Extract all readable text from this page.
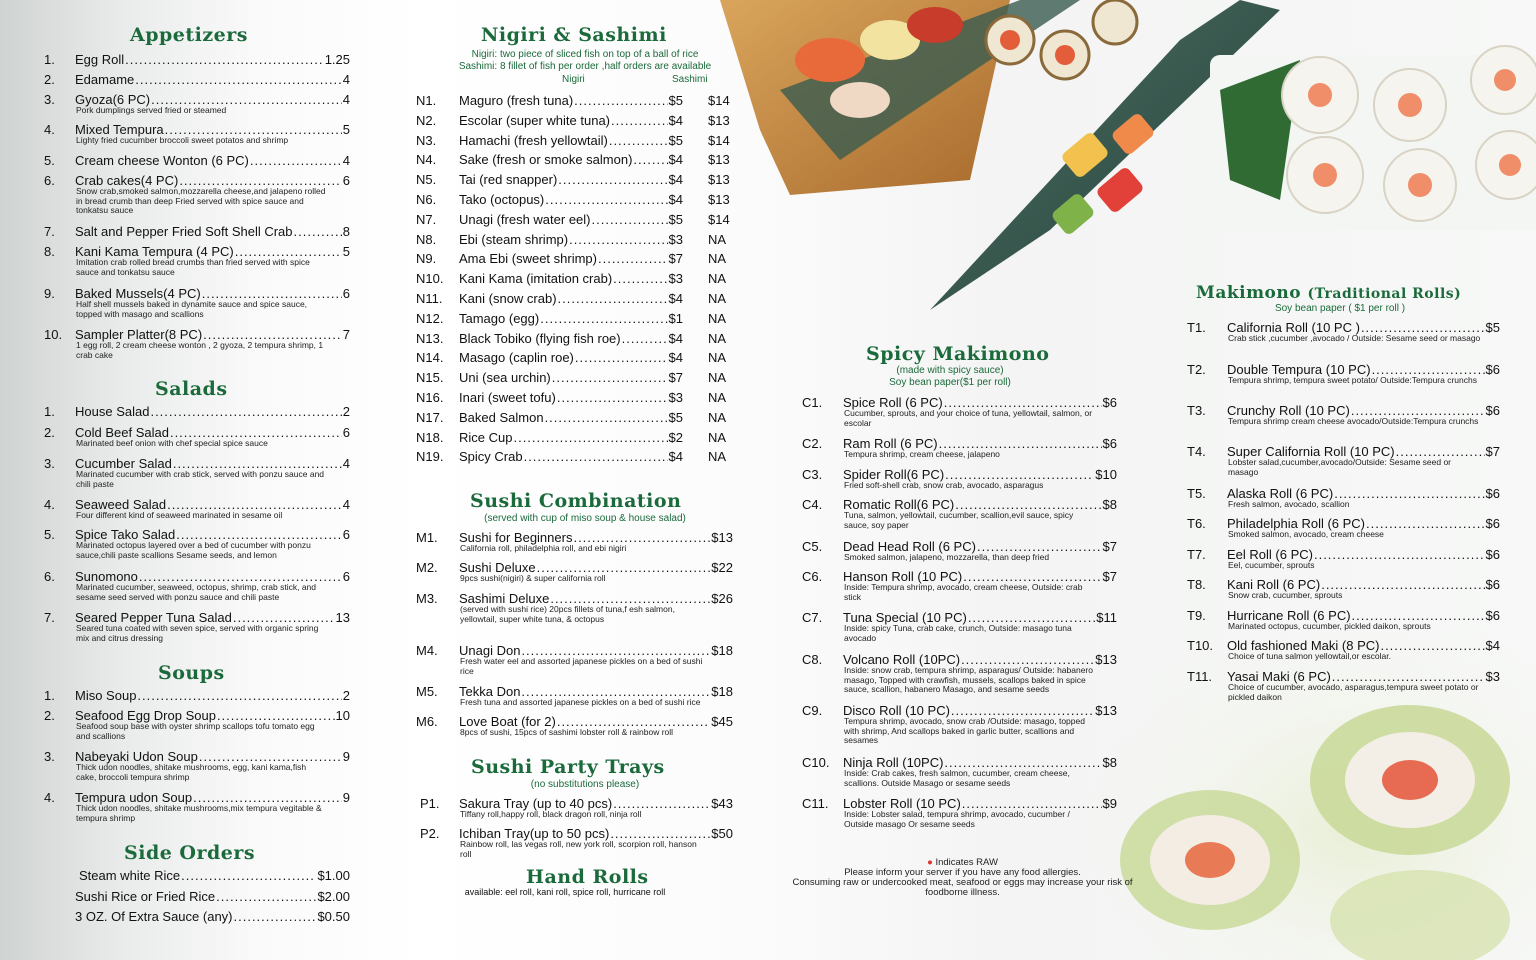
Appetizers
1. Egg Roll .....	1.25
2. Edamame .....	4
3. Gyoza(6 PC) .....	4
Pork dumplings served fried or steamed
4. Mixed Tempura .....	5
Lighty fried cucumber broccoli sweet potatos and shrimp
5. Cream cheese Wonton (6 PC) .....	4
6. Crab cakes(4 PC) .....	6
Snow crab,smoked salmon,mozzarella cheese,and jalapeno rolled in bread crumb than deep Fried served with spice sauce and tonkatsu sauce
7. Salt and Pepper Fried Soft Shell Crab .....	8
8. Kani Kama Tempura (4 PC) .....	5
Imitation crab rolled bread crumbs than fried served with spice sauce and tonkatsu sauce
9. Baked Mussels(4 PC) .....	6
Half shell mussels baked in dynamite sauce and spice sauce, topped with masago and scallions
10. Sampler Platter(8 PC) .....	7
1 egg roll, 2 cream cheese wonton , 2 gyoza, 2 tempura shrimp, 1 crab cake
Salads
1. House Salad .....	2
2. Cold Beef Salad .....	6
Marinated beef onion with chef special spice sauce
3. Cucumber Salad .....	4
Marinated cucumber with crab stick, served with ponzu sauce and chili paste
4. Seaweed Salad .....	4
Four different kind of seaweed marinated in sesame oil
5. Spice Tako Salad .....	6
Marinated octopus layered over a bed of cucumber with ponzu sauce,chili paste scallions Sesame seeds, and lemon
6. Sunomono .....	6
Marinated cucumber, seaweed, octopus, shrimp, crab stick, and sesame seed served with ponzu sauce and chili paste
7. Seared Pepper Tuna Salad .....	13
Seared tuna coated with seven spice, served with organic spring mix and citrus dressing
Soups
1. Miso Soup .....	2
2. Seafood Egg Drop Soup .....	10
Seafood soup base with oyster shrimp scallops tofu tomato egg and scallions
3. Nabeyaki Udon Soup .....	9
Thick udon noodles, shitake mushrooms, egg, kani kama,fish cake, broccoli tempura shrimp
4. Tempura udon Soup .....	9
Thick udon noodles, shitake mushrooms,mix tempura vegitable & tempura shrimp
Side Orders
Steam white Rice .....	$1.00
Sushi Rice or Fried Rice .....	$2.00
3 OZ. Of Extra Sauce (any) .....	$0.50
Nigiri & Sashimi
Nigiri: two piece of sliced fish on top of a ball of rice
Sashimi: 8 fillet of fish per order ,half orders are available
Nigiri	Sashimi
N1. Maguro (fresh tuna) .....	$5 $14
N2. Escolar (super white tuna) .....	$4 $13
N3. Hamachi (fresh yellowtail) .....	$5 $14
N4. Sake (fresh or smoke salmon) .....	$4 $13
N5. Tai (red snapper) .....	$4 $13
N6. Tako (octopus) .....	$4 $13
N7. Unagi (fresh water eel) .....	$5 $14
N8. Ebi (steam shrimp) .....	$3 NA
N9. Ama Ebi (sweet shrimp) .....	$7 NA
N10. Kani Kama (imitation crab) .....	$3 NA
N11. Kani (snow crab) .....	$4 NA
N12. Tamago (egg) .....	$1 NA
N13. Black Tobiko (flying fish roe) .....	$4 NA
N14. Masago (caplin roe) .....	$4 NA
N15. Uni (sea urchin) .....	$7 NA
N16. Inari (sweet tofu) .....	$3 NA
N17. Baked Salmon .....	$5 NA
N18. Rice Cup .....	$2 NA
N19. Spicy Crab .....	$4 NA
Sushi Combination
(served with cup of miso soup & house salad)
M1. Sushi for Beginners .....	$13
California roll, philadelphia roll, and ebi nigiri
M2. Sushi Deluxe .....	$22
9pcs sushi(nigiri) & super california roll
M3. Sashimi Deluxe .....	$26
(served with sushi rice) 20pcs fillets of tuna,f esh salmon, yellowtail, super white tuna, & octopus
M4. Unagi Don .....	$18
Fresh water eel and assorted japanese pickles on a bed of sushi rice
M5. Tekka Don .....	$18
Fresh tuna and assorted japanese pickles on a bed of sushi rice
M6. Love Boat (for 2) .....	$45
8pcs of sushi, 15pcs of sashimi lobster roll & rainbow roll
Sushi Party Trays
(no substitutions please)
P1. Sakura Tray (up to 40 pcs) .....	$43
Tiffany roll,happy roll, black dragon roll, ninja roll
P2. Ichiban Tray(up to 50 pcs) .....	$50
Rainbow roll, las vegas roll, new york roll, scorpion roll, hanson roll
Hand Rolls
available: eel roll, kani roll, spice roll, hurricane roll
Spicy Makimono
(made with spicy sauce)
Soy bean paper($1 per roll)
C1. Spice Roll (6 PC) .....	$6
Cucumber, sprouts, and your choice of tuna, yellowtail, salmon, or escolar
C2. Ram Roll (6 PC) .....	$6
Tempura shrimp, cream cheese, jalapeno
C3. Spider Roll(6 PC) .....	$10
Fried soft-shell crab, snow crab, avocado, asparagus
C4. Romatic Roll(6 PC) .....	$8
Tuna, salmon, yellowtail, cucumber, scallion,evil sauce, spicy sauce, soy paper
C5. Dead Head Roll (6 PC) .....	$7
Smoked salmon, jalapeno, mozzarella, than deep fried
C6. Hanson Roll (10 PC) .....	$7
Inside: Tempura shrimp, avocado, cream cheese, Outside: crab stick
C7. Tuna Special (10 PC) .....	$11
Inside: spicy Tuna, crab cake, crunch, Outside: masago tuna avocado
C8. Volcano Roll (10PC) .....	$13
Inside: snow crab, tempura shrimp, asparagus/ Outside: habanero masago, Topped with crawfish, mussels, scallops baked in spice sauce, scallion, habanero Masago, and sesame seeds
C9. Disco Roll (10 PC) .....	$13
Tempura shrimp, avocado, snow crab /Outside: masago, topped with shrimp, And scallops baked in garlic butter, scallions and sesames
C10. Ninja Roll (10PC) .....	$8
Inside: Crab cakes, fresh salmon, cucumber, cream cheese, scallions. Outside Masago or sesame seeds
C11. Lobster Roll (10 PC) .....	$9
Inside: Lobster salad, tempura shrimp, avocado, cucumber / Outside masago Or sesame seeds
● Indicates RAW
Please inform your server if you have any food allergies.
Consuming raw or undercooked meat, seafood or eggs may increase your risk of
foodborne illness.
Makimono (Traditional Rolls)
Soy bean paper ( $1 per roll )
T1. California Roll (10 PC ) .....	$5
Crab stick ,cucumber ,avocado / Outside: Sesame seed or masago
T2. Double Tempura (10 PC) .....	$6
Tempura shrimp, tempura sweet potato/ Outside:Tempura crunchs
T3. Crunchy Roll (10 PC) .....	$6
Tempura shrimp cream cheese avocado/Outside:Tempura crunchs
T4. Super California Roll (10 PC) .....	$7
Lobster salad,cucumber,avocado/Outside: Sesame seed or masago
T5. Alaska Roll (6 PC) .....	$6
Fresh salmon, avocado, scallion
T6. Philadelphia Roll (6 PC) .....	$6
Smoked salmon, avocado, cream cheese
T7. Eel Roll (6 PC) .....	$6
Eel, cucumber, sprouts
T8. Kani Roll (6 PC) .....	$6
Snow crab, cucumber, sprouts
T9. Hurricane Roll (6 PC) .....	$6
Marinated octopus, cucumber, pickled daikon, sprouts
T10. Old fashioned Maki (8 PC) .....	$4
Choice of tuna salmon yellowtail,or escolar.
T11. Yasai Maki (6 PC) .....	$3
Choice of cucumber, avocado, asparagus,tempura sweet potato or pickled daikon
